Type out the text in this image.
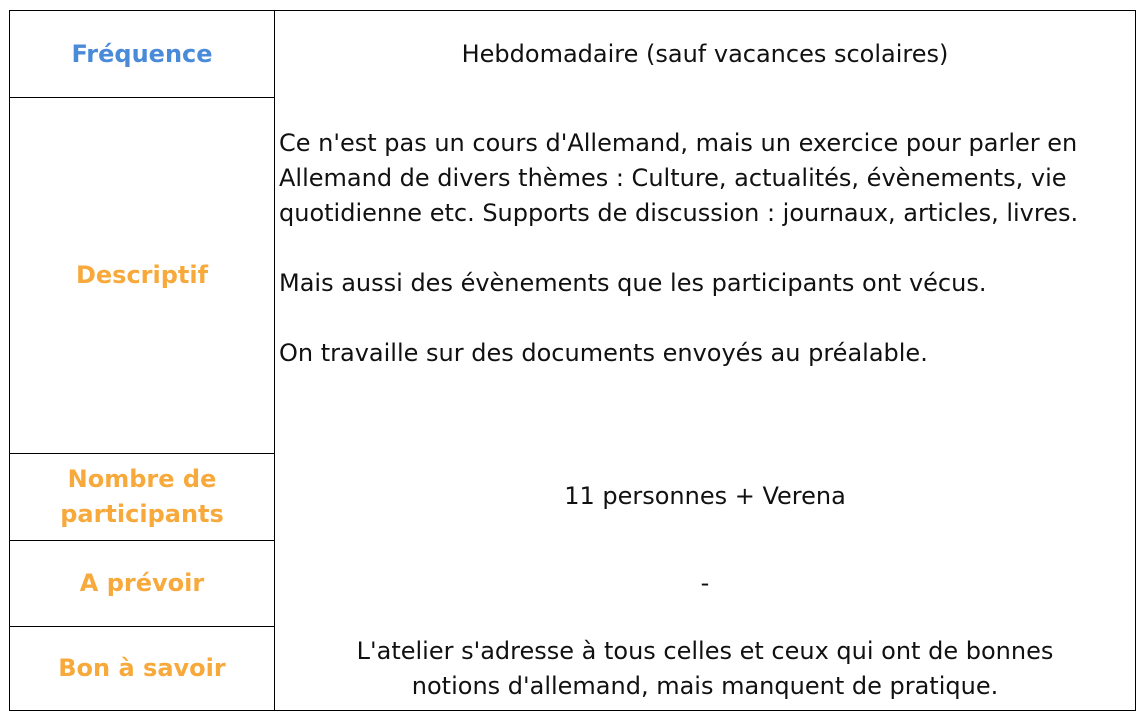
Fréquence	Hebdomadaire (sauf vacances scolaires)
Descriptif

Ce n'est pas un cours d'Allemand, mais un exercice pour parler en Allemand de divers thèmes : Culture, actualités, évènements, vie quotidienne etc. Supports de discussion : journaux, articles, livres.

Mais aussi des évènements que les participants ont vécus.

On travaille sur des documents envoyés au préalable.

Nombre de
participants
11 personnes + Verena
A prévoir	-
Bon à savoir
L'atelier s'adresse à tous celles et ceux qui ont de bonnes
notions d'allemand, mais manquent de pratique.
